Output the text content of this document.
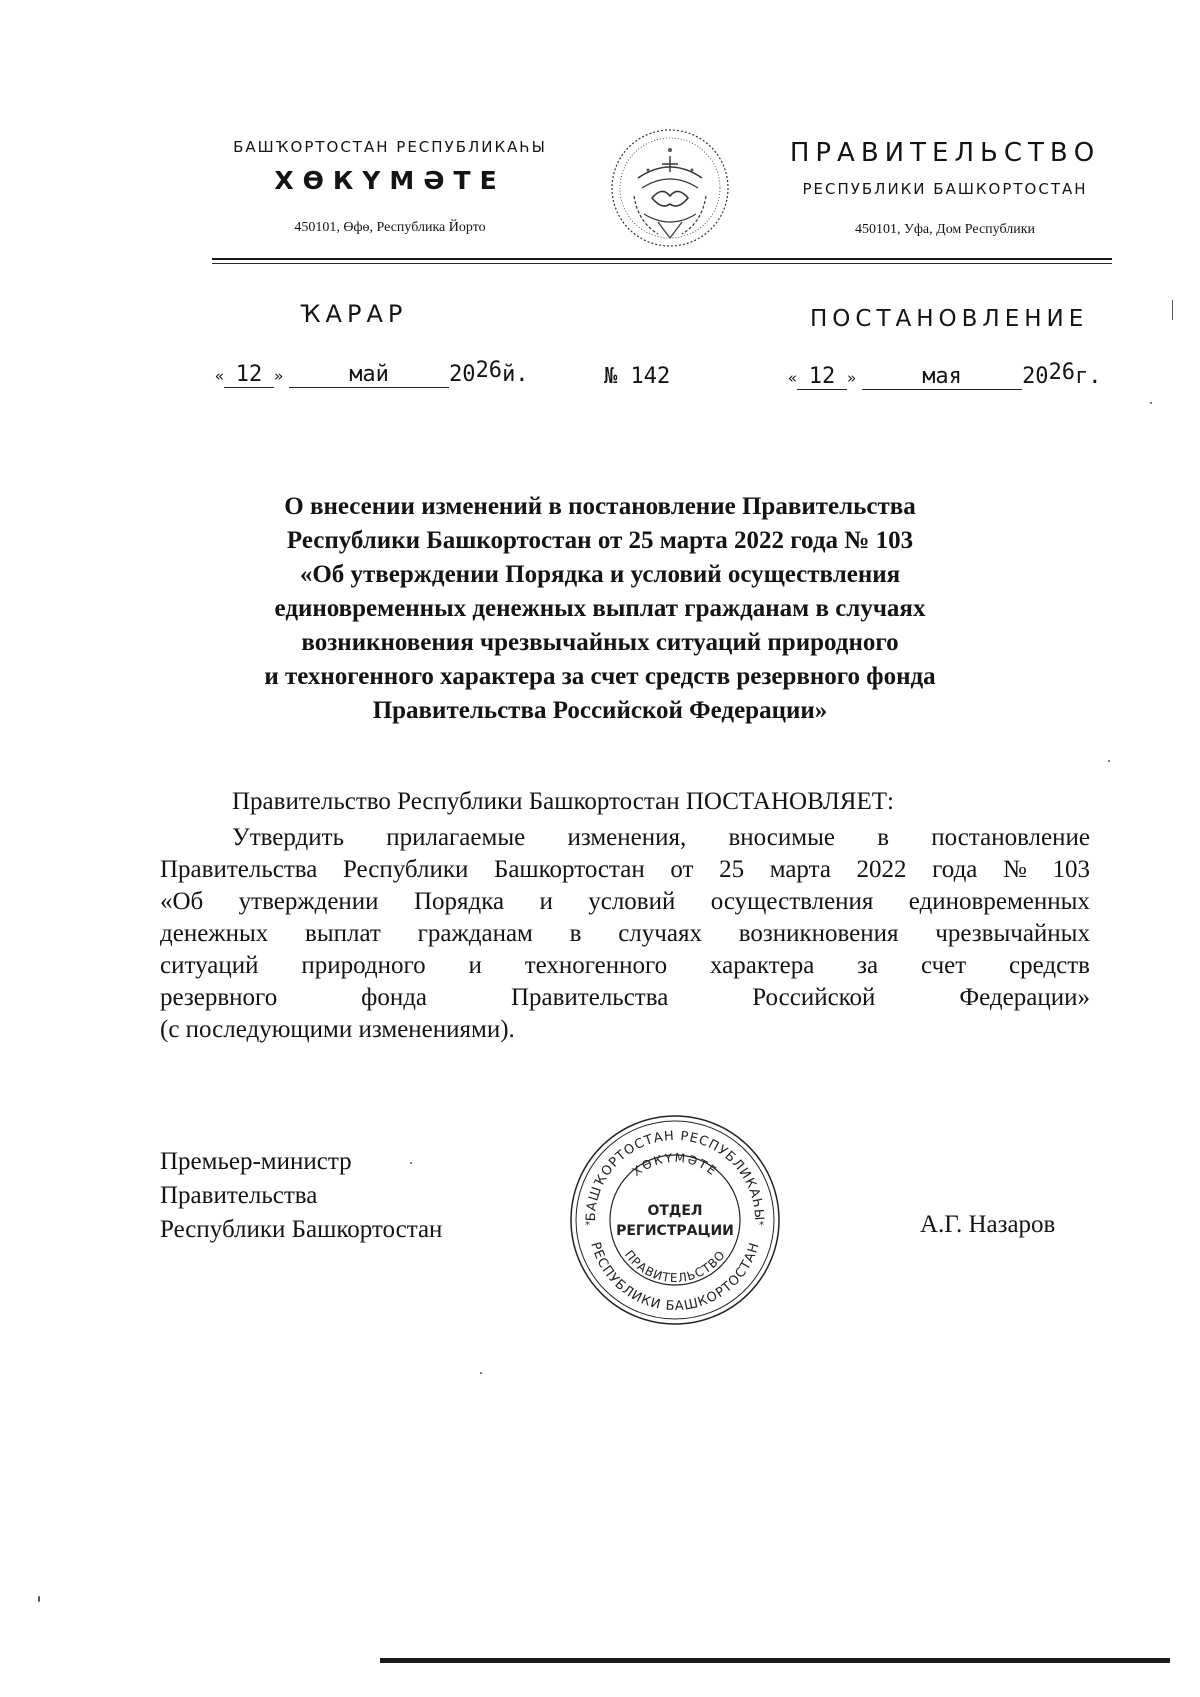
БАШҠОРТОСТАН РЕСПУБЛИКАҺЫ
ХӨКҮМӘТЕ
450101, Өфө, Республика Йорто
ПРАВИТЕЛЬСТВО
РЕСПУБЛИКИ БАШКОРТОСТАН
450101, Уфа, Дом Республики
ҠАРАР	ПОСТАНОВЛЕНИЕ
« 12 »	май	2026й.	№ 142	« 12 »	мая	2026г.
О внесении изменений в постановление Правительства
Республики Башкортостан от 25 марта 2022 года № 103
«Об утверждении Порядка и условий осуществления
единовременных денежных выплат гражданам в случаях
возникновения чрезвычайных ситуаций природного
и техногенного характера за счет средств резервного фонда
Правительства Российской Федерации»
Правительство Республики Башкортостан ПОСТАНОВЛЯЕТ:
Утвердить прилагаемые изменения, вносимые в постановление
Правительства Республики Башкортостан от 25 марта 2022 года № 103
«Об утверждении Порядка и условий осуществления единовременных
денежных выплат гражданам в случаях возникновения чрезвычайных
ситуаций природного и техногенного характера за счет средств
резервного	фонда	Правительства	Российской	Федерации»
(с последующими изменениями).
Премьер-министр
Правительства
Республики Башкортостан	А.Г. Назаров
БАШҠОРТОСТАН РЕСПУБЛИКАҺЫ
ХӨКҮМӘТЕ
ПРАВИТЕЛЬСТВО
РЕСПУБЛИКИ БАШКОРТОСТАН
ОТДЕЛ
РЕГИСТРАЦИИ
*	*
